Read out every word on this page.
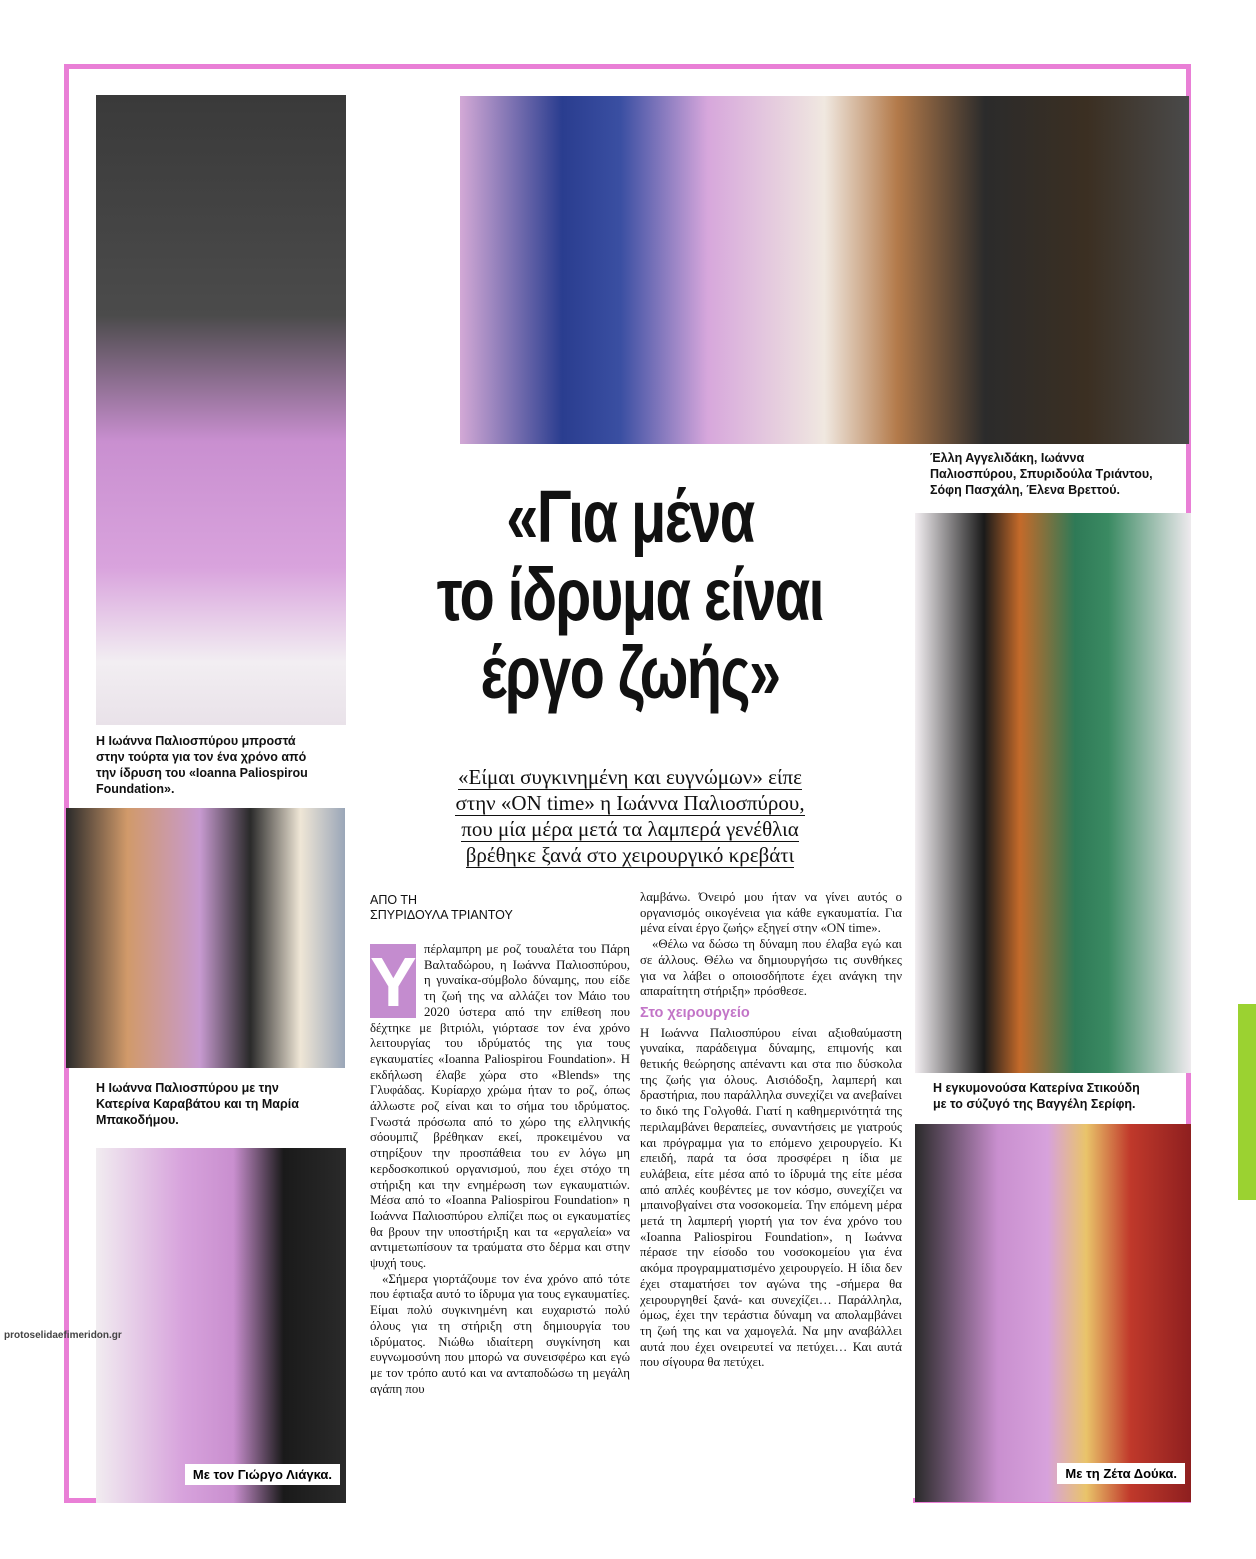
Με τον Γιώργο Λιάγκα.	Με τη Ζέτα Δούκα.
Η Ιωάννα Παλιοσπύρου μπροστά
στην τούρτα για τον ένα χρόνο από
την ίδρυση του «Ioanna Paliospirou
Foundation».
Έλλη Αγγελιδάκη, Ιωάννα
Παλιοσπύρου, Σπυριδούλα Τριάντου,
Σόφη Πασχάλη, Έλενα Βρεττού.
Η Ιωάννα Παλιοσπύρου με την
Κατερίνα Καραβάτου και τη Μαρία
Μπακοδήμου.
Η εγκυμονούσα Κατερίνα Στικούδη
με το σύζυγό της Βαγγέλη Σερίφη.
«Για μένα
το ίδρυμα είναι
έργο ζωής»
«Είμαι συγκινημένη και ευγνώμων» είπε
στην «ON time» η Ιωάννα Παλιοσπύρου,
που μία μέρα μετά τα λαμπερά γενέθλια
βρέθηκε ξανά στο χειρουργικό κρεβάτι
ΑΠΟ ΤΗ
ΣΠΥΡΙΔΟΥΛΑ ΤΡΙΑΝΤΟΥ
Υ πέρλαμπρη με ροζ τουαλέτα του Πάρη Βαλταδώρου, η Ιωάννα Παλιοσπύρου, η γυναίκα-σύμβολο δύναμης, που είδε τη ζωή της να αλλάζει τον Μάιο του 2020 ύστερα από την επίθεση που δέχτηκε με βιτριόλι, γιόρτασε τον ένα χρόνο λειτουργίας του ιδρύματός της για τους εγκαυματίες «Ioanna Paliospirou Foundation». Η εκδήλωση έλαβε χώρα στο «Blends» της Γλυφάδας. Κυρίαρχο χρώμα ήταν το ροζ, όπως άλλωστε ροζ είναι και το σήμα του ιδρύματος. Γνωστά πρόσωπα από το χώρο της ελληνικής σόουμπιζ βρέθηκαν εκεί, προκειμένου να στηρίξουν την προσπάθεια του εν λόγω μη κερδοσκοπικού οργανισμού, που έχει στόχο τη στήριξη και την ενημέρωση των εγκαυματιών. Μέσα από το «Ioanna Paliospirou Foundation» η Ιωάννα Παλιοσπύρου ελπίζει πως οι εγκαυματίες θα βρουν την υποστήριξη και τα «εργαλεία» να αντιμετωπίσουν τα τραύματα στο δέρμα και στην ψυχή τους.

«Σήμερα γιορτάζουμε τον ένα χρόνο από τότε που έφτιαξα αυτό το ίδρυμα για τους εγκαυματίες. Είμαι πολύ συγκινημένη και ευχαριστώ πολύ όλους για τη στήριξη στη δημιουργία του ιδρύματος. Νιώθω ιδιαίτερη συγκίνηση και ευγνωμοσύνη που μπορώ να συνεισφέρω και εγώ με τον τρόπο αυτό και να ανταποδώσω τη μεγάλη αγάπη που

λαμβάνω. Όνειρό μου ήταν να γίνει αυτός ο οργανισμός οικογένεια για κάθε εγκαυματία. Για μένα είναι έργο ζωής» εξηγεί στην «ON time».

«Θέλω να δώσω τη δύναμη που έλαβα εγώ και σε άλλους. Θέλω να δημιουργήσω τις συνθήκες για να λάβει ο οποιοσδήποτε έχει ανάγκη την απαραίτητη στήριξη» πρόσθεσε.

Στο χειρουργείο

Η Ιωάννα Παλιοσπύρου είναι αξιοθαύμαστη γυναίκα, παράδειγμα δύναμης, επιμονής και θετικής θεώρησης απέναντι και στα πιο δύσκολα της ζωής για όλους. Αισιόδοξη, λαμπερή και δραστήρια, που παράλληλα συνεχίζει να ανεβαίνει το δικό της Γολγοθά. Γιατί η καθημερινότητά της περιλαμβάνει θεραπείες, συναντήσεις με γιατρούς και πρόγραμμα για το επόμενο χειρουργείο. Κι επειδή, παρά τα όσα προσφέρει η ίδια με ευλάβεια, είτε μέσα από το ίδρυμά της είτε μέσα από απλές κουβέντες με τον κόσμο, συνεχίζει να μπαινοβγαίνει στα νοσοκομεία. Την επόμενη μέρα μετά τη λαμπερή γιορτή για τον ένα χρόνο του «Ioanna Paliospirou Foundation», η Ιωάννα πέρασε την είσοδο του νοσοκομείου για ένα ακόμα προγραμματισμένο χειρουργείο. Η ίδια δεν έχει σταματήσει τον αγώνα της -σήμερα θα χειρουργηθεί ξανά- και συνεχίζει… Παράλληλα, όμως, έχει την τεράστια δύναμη να απολαμβάνει τη ζωή της και να χαμογελά. Να μην αναβάλλει αυτά που έχει ονειρευτεί να πετύχει… Και αυτά που σίγουρα θα πετύχει.

protoselidaefimeridon.gr
